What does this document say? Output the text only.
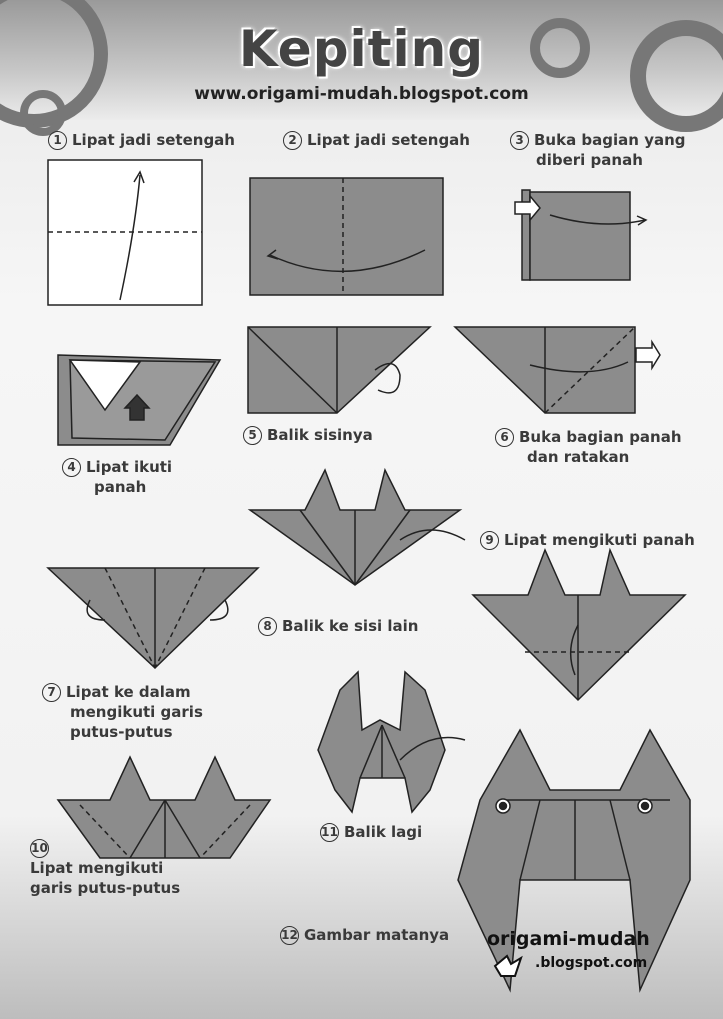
Kepiting
www.origami-mudah.blogspot.com
1 Lipat jadi setengah	2 Lipat jadi setengah	3 Buka bagian yang
diberi panah
4 Lipat ikuti
panah
5 Balik sisinya	6 Buka bagian panah
dan ratakan
7 Lipat ke dalam
mengikuti garis
putus-putus
8 Balik ke sisi lain
9 Lipat mengikuti panah
10
Lipat mengikuti
garis putus-putus
11 Balik lagi
12 Gambar matanya origami-mudah
.blogspot.com
